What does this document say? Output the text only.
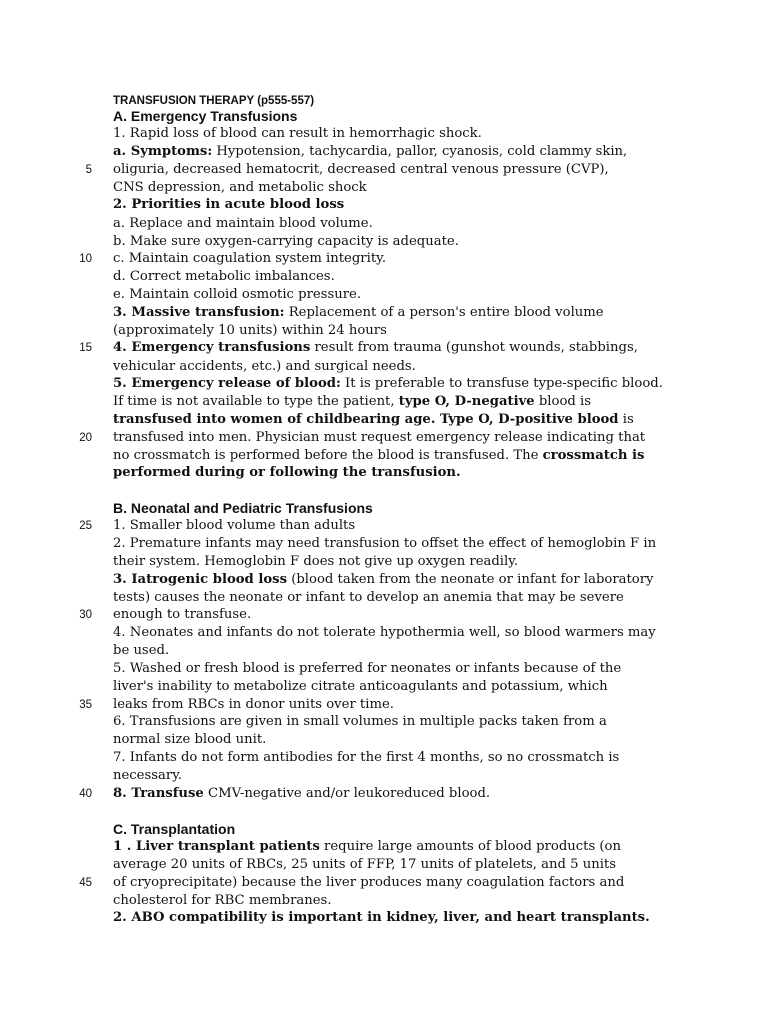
TRANSFUSION THERAPY (p555-557)
A. Emergency Transfusions
1. Rapid loss of blood can result in hemorrhagic shock.
a. Symptoms: Hypotension, tachycardia, pallor, cyanosis, cold clammy skin,
oliguria, decreased hematocrit, decreased central venous pressure (CVP),
CNS depression, and metabolic shock
2. Priorities in acute blood loss
a. Replace and maintain blood volume.
b. Make sure oxygen-carrying capacity is adequate.
c. Maintain coagulation system integrity.
d. Correct metabolic imbalances.
e. Maintain colloid osmotic pressure.
3. Massive transfusion: Replacement of a person's entire blood volume
(approximately 10 units) within 24 hours
4. Emergency transfusions result from trauma (gunshot wounds, stabbings,
vehicular accidents, etc.) and surgical needs.
5. Emergency release of blood: It is preferable to transfuse type-specific blood.
If time is not available to type the patient, type O, D-negative blood is
transfused into women of childbearing age. Type O, D-positive blood is
transfused into men. Physician must request emergency release indicating that
no crossmatch is performed before the blood is transfused. The crossmatch is
performed during or following the transfusion.
B. Neonatal and Pediatric Transfusions
1. Smaller blood volume than adults
2. Premature infants may need transfusion to offset the effect of hemoglobin F in
their system. Hemoglobin F does not give up oxygen readily.
3. Iatrogenic blood loss (blood taken from the neonate or infant for laboratory
tests) causes the neonate or infant to develop an anemia that may be severe
enough to transfuse.
4. Neonates and infants do not tolerate hypothermia well, so blood warmers may
be used.
5. Washed or fresh blood is preferred for neonates or infants because of the
liver's inability to metabolize citrate anticoagulants and potassium, which
leaks from RBCs in donor units over time.
6. Transfusions are given in small volumes in multiple packs taken from a
normal size blood unit.
7. Infants do not form antibodies for the first 4 months, so no crossmatch is
necessary.
8. Transfuse CMV-negative and/or leukoreduced blood.
C. Transplantation
1 . Liver transplant patients require large amounts of blood products (on
average 20 units of RBCs, 25 units of FFP, 17 units of platelets, and 5 units
of cryoprecipitate) because the liver produces many coagulation factors and
cholesterol for RBC membranes.
2. ABO compatibility is important in kidney, liver, and heart transplants.
5
10
15
20
25
30
35
40
45
